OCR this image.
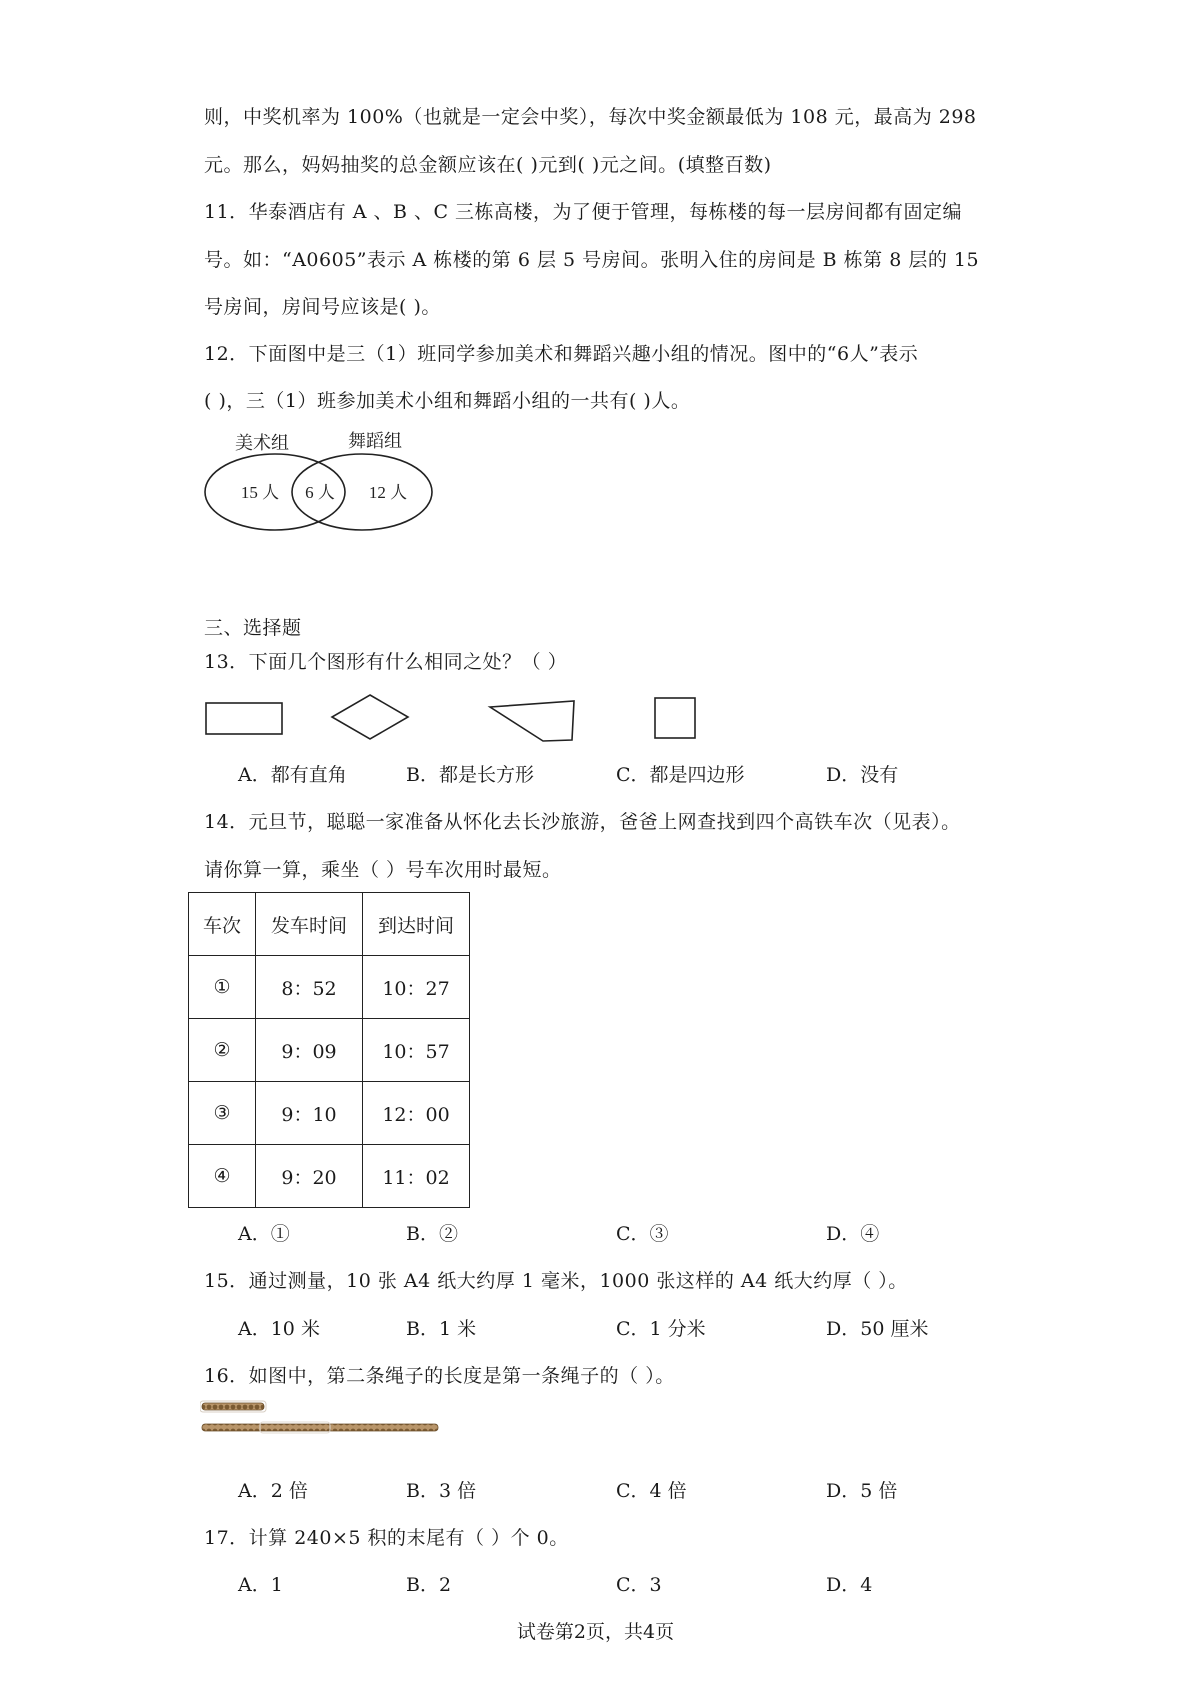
则，中奖机率为 100%（也就是一定会中奖），每次中奖金额最低为 108 元，最高为 298
元。那么，妈妈抽奖的总金额应该在( )元到( )元之间。(填整百数)
11．华泰酒店有 A 、B 、C 三栋高楼，为了便于管理，每栋楼的每一层房间都有固定编
号。如：“A0605”表示 A 栋楼的第 6 层 5 号房间。张明入住的房间是 B 栋第 8 层的 15
号房间，房间号应该是( )。
12．下面图中是三（1）班同学参加美术和舞蹈兴趣小组的情况。图中的“6人”表示
( )，三（1）班参加美术小组和舞蹈小组的一共有( )人。
美术组	舞蹈组
15 人 6 人 12 人
三、选择题
13．下面几个图形有什么相同之处？（ ）
A．都有直角	B．都是长方形	C．都是四边形	D．没有
14．元旦节，聪聪一家准备从怀化去长沙旅游，爸爸上网查找到四个高铁车次（见表）。
请你算一算，乘坐（ ）号车次用时最短。
车次	发车时间	到达时间
①	8：52	10：27
②	9：09	10：57
③	9：10	12：00
④	9：20	11：02
A．①	B．②	C．③	D．④
15．通过测量，10 张 A4 纸大约厚 1 毫米，1000 张这样的 A4 纸大约厚（ ）。
A．10 米	B．1 米	C．1 分米	D．50 厘米
16．如图中，第二条绳子的长度是第一条绳子的（ ）。
A．2 倍	B．3 倍	C．4 倍	D．5 倍
17．计算 240×5 积的末尾有（ ）个 0。
A．1	B．2	C．3	D．4
试卷第2页，共4页
